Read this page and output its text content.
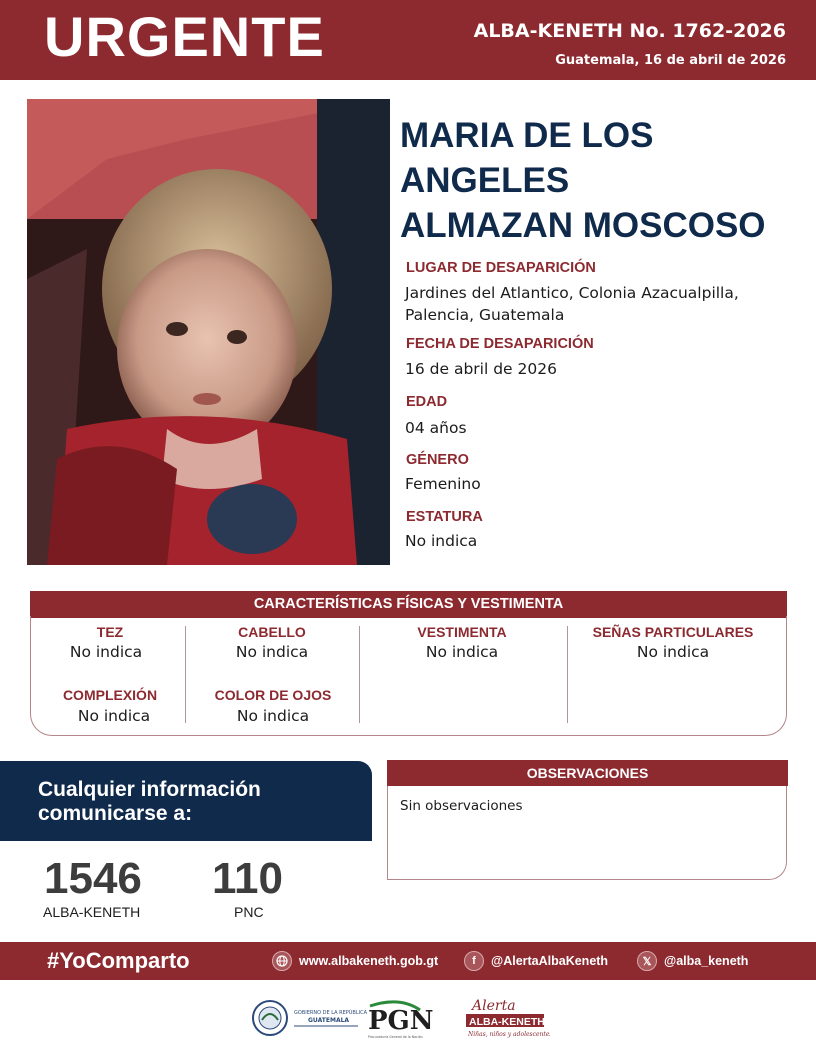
URGENTE	ALBA-KENETH No. 1762-2026
Guatemala, 16 de abril de 2026
MARIA DE LOS
ANGELES
ALMAZAN MOSCOSO
LUGAR DE DESAPARICIÓN
Jardines del Atlantico, Colonia Azacualpilla,
Palencia, Guatemala
FECHA DE DESAPARICIÓN
16 de abril de 2026
EDAD
04 años
GÉNERO
Femenino
ESTATURA
No indica
CARACTERÍSTICAS FÍSICAS Y VESTIMENTA
TEZ
No indica
CABELLO
No indica
VESTIMENTA
No indica
SEÑAS PARTICULARES
No indica
COMPLEXIÓN
No indica
COLOR DE OJOS
No indica
Cualquier información
comunicarse a:
1546
ALBA-KENETH
110
PNC
OBSERVACIONES
Sin observaciones
#YoComparto	www.albakeneth.gob.gt	f	@AlertaAlbaKeneth	𝕏	@alba_keneth
GOBIERNO DE LA REPÚBLICA
GUATEMALA PGN
Procuraduría General de la Nación
Alerta
ALBA-KENETH
Niñas, niños y adolescentes
